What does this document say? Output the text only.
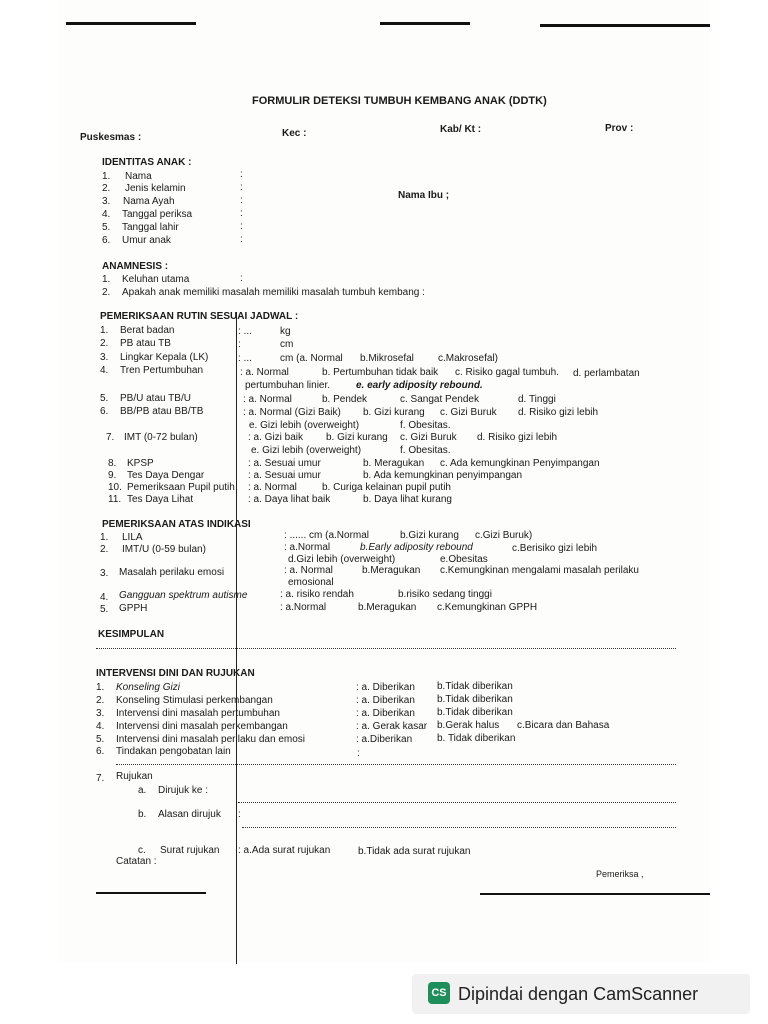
FORMULIR DETEKSI TUMBUH KEMBANG ANAK (DDTK)
Puskesmas :	Kec :	Kab/ Kt :	Prov :
IDENTITAS ANAK :
1. Nama	:
2. Jenis kelamin	:
3. Nama Ayah	:
4. Tanggal periksa	:
5. Tanggal lahir	:
6. Umur anak	:
Nama Ibu ;
ANAMNESIS :
1. Keluhan utama	:
2. Apakah anak memiliki masalah memiliki masalah tumbuh kembang :
PEMERIKSAAN RUTIN SESUAI JADWAL :
1. Berat badan	: ...	kg
2. PB atau TB	:	cm
3. Lingkar Kepala (LK)	: ...	cm (a. Normal b.Mikrosefal c.Makrosefal)
4. Tren Pertumbuhan	: a. Normal	b. Pertumbuhan tidak baik c. Risiko gagal tumbuh. d. perlambatan
pertumbuhan linier.	e. early adiposity rebound.
5. PB/U atau TB/U	: a. Normal	b. Pendek	c. Sangat Pendek	d. Tinggi
6. BB/PB atau BB/TB	: a. Normal (Gizi Baik) b. Gizi kurang c. Gizi Buruk d. Risiko gizi lebih
e. Gizi lebih (overweight)	f. Obesitas.
7. IMT (0-72 bulan)	: a. Gizi baik b. Gizi kurang c. Gizi Buruk d. Risiko gizi lebih
e. Gizi lebih (overweight)	f. Obesitas.
8. KPSP	: a. Sesuai umur	b. Meragukan c. Ada kemungkinan Penyimpangan
9. Tes Daya Dengar	: a. Sesuai umur	b. Ada kemungkinan penyimpangan
10. Pemeriksaan Pupil putih : a. Normal	b. Curiga kelainan pupil putih
11. Tes Daya Lihat	: a. Daya lihat baik	b. Daya lihat kurang
PEMERIKSAAN ATAS INDIKASI
1. LILA	: ...... cm (a.Normal	b.Gizi kurang c.Gizi Buruk)
2. IMT/U (0-59 bulan)	: a.Normal	b.Early adiposity rebound	c.Berisiko gizi lebih
d.Gizi lebih (overweight)	e.Obesitas
3. Masalah perilaku emosi	: a. Normal	b.Meragukan c.Kemungkinan mengalami masalah perilaku
emosional
4. Gangguan spektrum autisme	: a. risiko rendah	b.risiko sedang tinggi
5. GPPH	: a.Normal	b.Meragukan c.Kemungkinan GPPH
KESIMPULAN
INTERVENSI DINI DAN RUJUKAN
1. Konseling Gizi	: a. Diberikan b.Tidak diberikan
2. Konseling Stimulasi perkembangan	: a. Diberikan b.Tidak diberikan
3. Intervensi dini masalah pertumbuhan	: a. Diberikan b.Tidak diberikan
4. Intervensi dini masalah perkembangan	: a. Gerak kasar b.Gerak halus c.Bicara dan Bahasa
5. Intervensi dini masalah perilaku dan emosi	: a.Diberikan b. Tidak diberikan
6. Tindakan pengobatan lain	:
7. Rujukan
a. Dirujuk ke :
b. Alasan dirujuk :
c. Surat rujukan : a.Ada surat rujukan	b.Tidak ada surat rujukan
Catatan :
Pemeriksa ,
CS Dipindai dengan CamScanner
